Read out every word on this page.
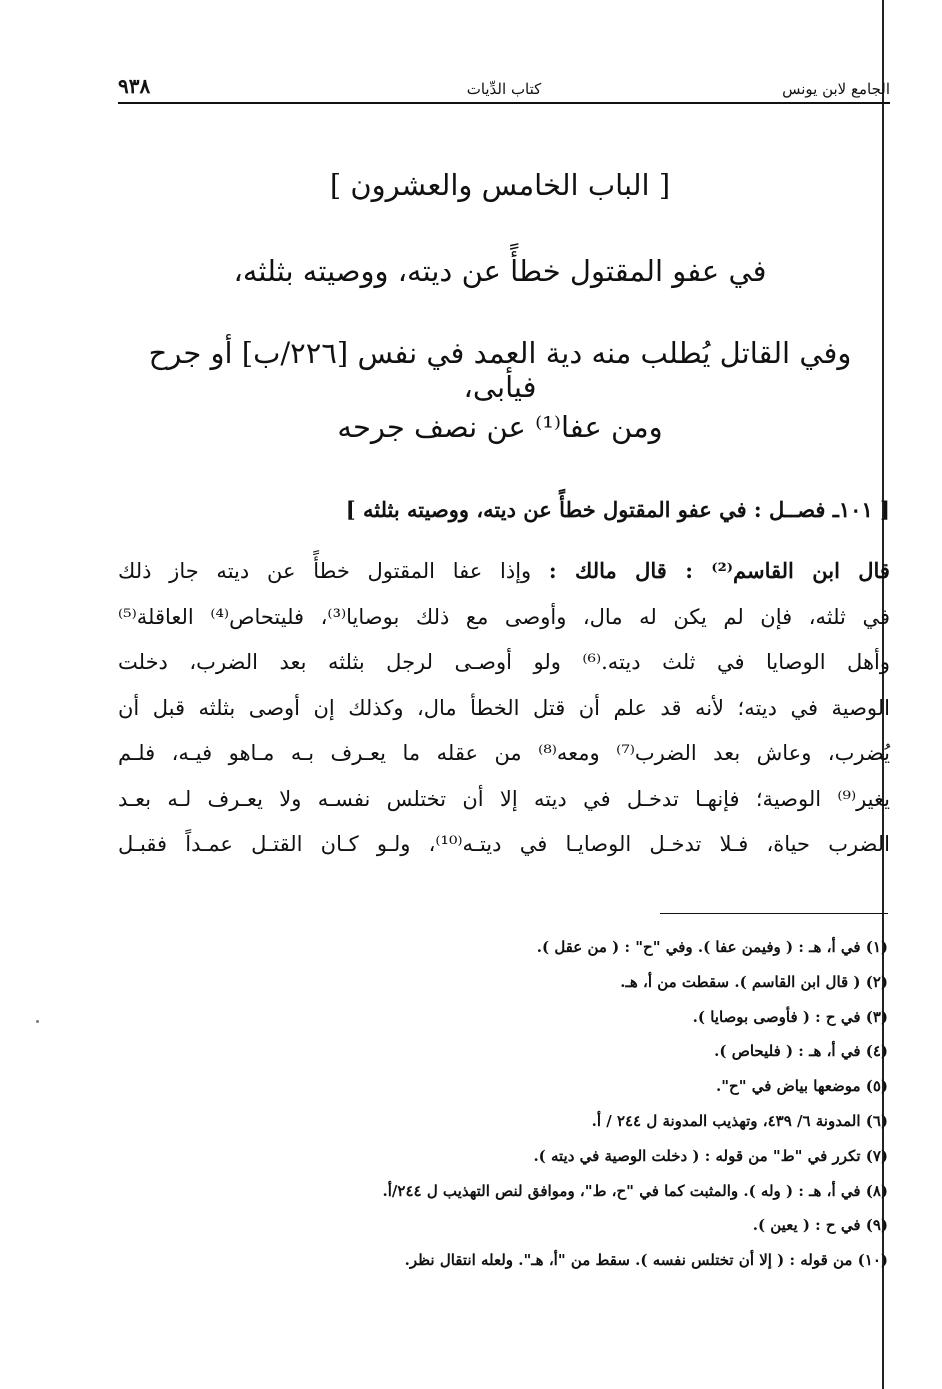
الجامع لابن يونس
كتاب الدِّيات
٩٣٨
[ الباب الخامس والعشرون ]
في عفو المقتول خطأً عن ديته، ووصيته بثلثه،
وفي القاتل يُطلب منه دية العمد في نفس [٢٢٦/ب] أو جرح فيأبى،
ومن عفا⁽¹⁾ عن نصف جرحه
[ ١٠١ـ فصــل : في عفو المقتول خطأً عن ديته، ووصيته بثلثه ]
قال ابن القاسم⁽²⁾ : قال مالك : وإذا عفا المقتول خطأً عن ديته جاز ذلك
في ثلثه، فإن لم يكن له مال، وأوصى مع ذلك بوصايا⁽³⁾، فليتحاص⁽⁴⁾ العاقلة⁽⁵⁾
وأهل الوصايا في ثلث ديته.⁽⁶⁾ ولو أوصـى لرجل بثلثه بعد الضرب، دخلت
الوصية في ديته؛ لأنه قد علم أن قتل الخطأ مال، وكذلك إن أوصى بثلثه قبل أن
يُضرب، وعاش بعد الضرب⁽⁷⁾ ومعه⁽⁸⁾ من عقله ما يعـرف بـه مـاهو فيـه، فلـم
يغير⁽⁹⁾ الوصية؛ فإنهـا تدخـل في ديته إلا أن تختلس نفسـه ولا يعـرف لـه بعـد
الضرب حياة، فـلا تدخـل الوصايـا في ديتـه⁽¹⁰⁾، ولـو كـان القتـل عمـداً فقبـل
(١) في أ، هـ : ( وفيمن عفا ). وفي "ح" : ( من عقل ).
(٢) ( قال ابن القاسم ). سقطت من أ، هـ.
(٣) في ح : ( فأوصى بوصايا ).
(٤) في أ، هـ : ( فليحاص ).
(٥) موضعها بياض في "ح".
(٦) المدونة ٦/ ٤٣٩، وتهذيب المدونة ل ٢٤٤ / أ.
(٧) تكرر في "ط" من قوله : ( دخلت الوصية في ديته ).
(٨) في أ، هـ : ( وله ). والمثبت كما في "ح، ط"، وموافق لنص التهذيب ل ٢٤٤/أ.
(٩) في ح : ( يعين ).
(١٠) من قوله : ( إلا أن تختلس نفسه ). سقط من "أ، هـ". ولعله انتقال نظر.
